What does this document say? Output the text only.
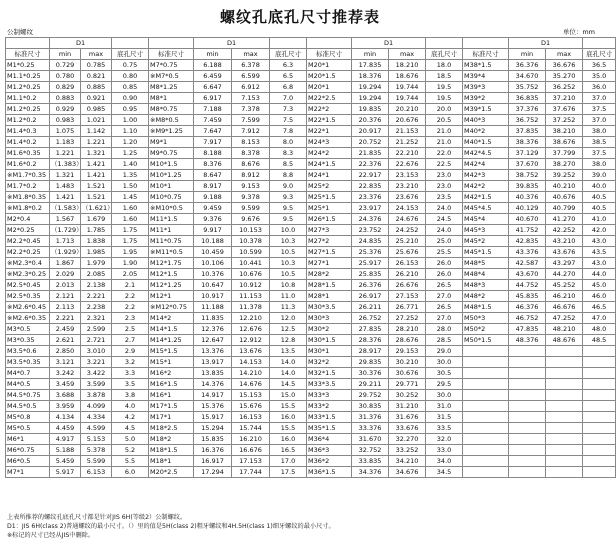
螺纹孔底孔尺寸推荐表
公制螺纹	单位：mm
	D1				D1				D1				D1		
标准尺寸	min	max	底孔尺寸	标准尺寸	min	max	底孔尺寸	标准尺寸	min	max	底孔尺寸	标准尺寸	min	max	底孔尺寸
M1*0.25	0.729	0.785	0.75	M7*0.75	6.188	6.378	6.3	M20*1	17.835	18.210	18.0	M38*1.5	36.376	36.676	36.5
M1.1*0.25	0.780	0.821	0.80	※M7*0.5	6.459	6.599	6.5	M20*1.5	18.376	18.676	18.5	M39*4	34.670	35.270	35.0
M1.2*0.25	0.829	0.885	0.85	M8*1.25	6.647	6.912	6.8	M20*1	19.294	19.744	19.5	M39*3	35.752	36.252	36.0
M1.1*0.2	0.883	0.921	0.90	M8*1	6.917	7.153	7.0	M22*2.5	19.294	19.744	19.5	M39*2	36.835	37.210	37.0
M1.2*0.25	0.929	0.985	0.95	M8*0.75	7.188	7.378	7.3	M22*2	19.835	20.210	20.0	M39*1.5	37.376	37.676	37.5
M1.2*0.2	0.983	1.021	1.00	※M8*0.5	7.459	7.599	7.5	M22*1.5	20.376	20.676	20.5	M40*3	36.752	37.252	37.0
M1.4*0.3	1.075	1.142	1.10	※M9*1.25	7.647	7.912	7.8	M22*1	20.917	21.153	21.0	M40*2	37.835	38.210	38.0
M1.4*0.2	1.183	1.221	1.20	M9*1	7.917	8.153	8.0	M24*3	20.752	21.252	21.0	M40*1.5	38.376	38.676	38.5
M1.6*0.35	1.221	1.321	1.25	M9*0.75	8.188	8.378	8.3	M24*2	21.835	22.210	22.0	M42*4.5	37.129	37.799	37.5
M1.6*0.2	（1.383）	1.421	1.40	M10*1.5	8.376	8.676	8.5	M24*1.5	22.376	22.676	22.5	M42*4	37.670	38.270	38.0
※M1.7*0.35	1.321	1.421	1.35	M10*1.25	8.647	8.912	8.8	M24*1	22.917	23.153	23.0	M42*3	38.752	39.252	39.0
M1.7*0.2	1.483	1.521	1.50	M10*1	8.917	9.153	9.0	M25*2	22.835	23.210	23.0	M42*2	39.835	40.210	40.0
※M1.8*0.35	1.421	1.521	1.45	M10*0.75	9.188	9.378	9.3	M25*1.5	23.376	23.676	23.5	M42*1.5	40.376	40.676	40.5
※M1.8*0.2	（1.583）	（1.621）	1.60	※M10*0.5	9.459	9.599	9.5	M25*1	23.917	24.153	24.0	M45*4.5	40.129	40.799	40.5
M2*0.4	1.567	1.679	1.60	M11*1.5	9.376	9.676	9.5	M26*1.5	24.376	24.676	24.5	M45*4	40.670	41.270	41.0
M2*0.25	（1.729）	1.785	1.75	M11*1	9.917	10.153	10.0	M27*3	23.752	24.252	24.0	M45*3	41.752	42.252	42.0
M2.2*0.45	1.713	1.838	1.75	M11*0.75	10.188	10.378	10.3	M27*2	24.835	25.210	25.0	M45*2	42.835	43.210	43.0
M2.2*0.25	（1.929）	1.985	1.95	※M11*0.5	10.459	10.599	10.5	M27*1.5	25.376	25.676	25.5	M45*1.5	43.376	43.676	43.5
※M2.3*0.4	1.867	1.979	1.90	M12*1.75	10.106	10.441	10.3	M27*1	25.917	26.153	26.0	M48*5	42.587	43.297	43.0
※M2.3*0.25	2.029	2.085	2.05	M12*1.5	10.376	10.676	10.5	M28*2	25.835	26.210	26.0	M48*4	43.670	44.270	44.0
M2.5*0.45	2.013	2.138	2.1	M12*1.25	10.647	10.912	10.8	M28*1.5	26.376	26.676	26.5	M48*3	44.752	45.252	45.0
M2.5*0.35	2.121	2.221	2.2	M12*1	10.917	11.153	11.0	M28*1	26.917	27.153	27.0	M48*2	45.835	46.210	46.0
※M2.6*0.45	2.113	2.238	2.2	※M12*0.75	11.188	11.378	11.3	M30*3.5	26.211	26.771	26.5	M48*1.5	46.376	46.676	46.5
※M2.6*0.35	2.221	2.321	2.3	M14*2	11.835	12.210	12.0	M30*3	26.752	27.252	27.0	M50*3	46.752	47.252	47.0
M3*0.5	2.459	2.599	2.5	M14*1.5	12.376	12.676	12.5	M30*2	27.835	28.210	28.0	M50*2	47.835	48.210	48.0
M3*0.35	2.621	2.721	2.7	M14*1.25	12.647	12.912	12.8	M30*1.5	28.376	28.676	28.5	M50*1.5	48.376	48.676	48.5
M3.5*0.6	2.850	3.010	2.9	M15*1.5	13.376	13.676	13.5	M30*1	28.917	29.153	29.0				
M3.5*0.35	3.121	3.221	3.2	M15*1	13.917	14.153	14.0	M32*2	29.835	30.210	30.0				
M4*0.7	3.242	3.422	3.3	M16*2	13.835	14.210	14.0	M32*1.5	30.376	30.676	30.5				
M4*0.5	3.459	3.599	3.5	M16*1.5	14.376	14.676	14.5	M33*3.5	29.211	29.771	29.5				
M4.5*0.75	3.688	3.878	3.8	M16*1	14.917	15.153	15.0	M33*3	29.752	30.252	30.0				
M4.5*0.5	3.959	4.099	4.0	M17*1.5	15.376	15.676	15.5	M33*2	30.835	31.210	31.0				
M5*0.8	4.134	4.334	4.2	M17*1	15.917	16.153	16.0	M33*1.5	31.376	31.676	31.5				
M5*0.5	4.459	4.599	4.5	M18*2.5	15.294	15.744	15.5	M35*1.5	33.376	33.676	33.5				
M6*1	4.917	5.153	5.0	M18*2	15.835	16.210	16.0	M36*4	31.670	32.270	32.0				
M6*0.75	5.188	5.378	5.2	M18*1.5	16.376	16.676	16.5	M36*3	32.752	33.252	33.0				
M6*0.5	5.459	5.599	5.5	M18*1	16.917	17.153	17.0	M36*2	33.835	34.210	34.0				
M7*1	5.917	6.153	6.0	M20*2.5	17.294	17.744	17.5	M36*1.5	34.376	34.676	34.5				
上表所推荐的螺纹孔底孔尺寸都是针对JIS 6H(等级2）公制螺纹。
D1：JIS 6H(class 2)普通螺纹的最小尺寸。（）里的值是5H(class 2)粗牙螺纹和4H.5H(class 1)细牙螺纹的最小尺寸。
※标记的尺寸已经从JIS中删除。
